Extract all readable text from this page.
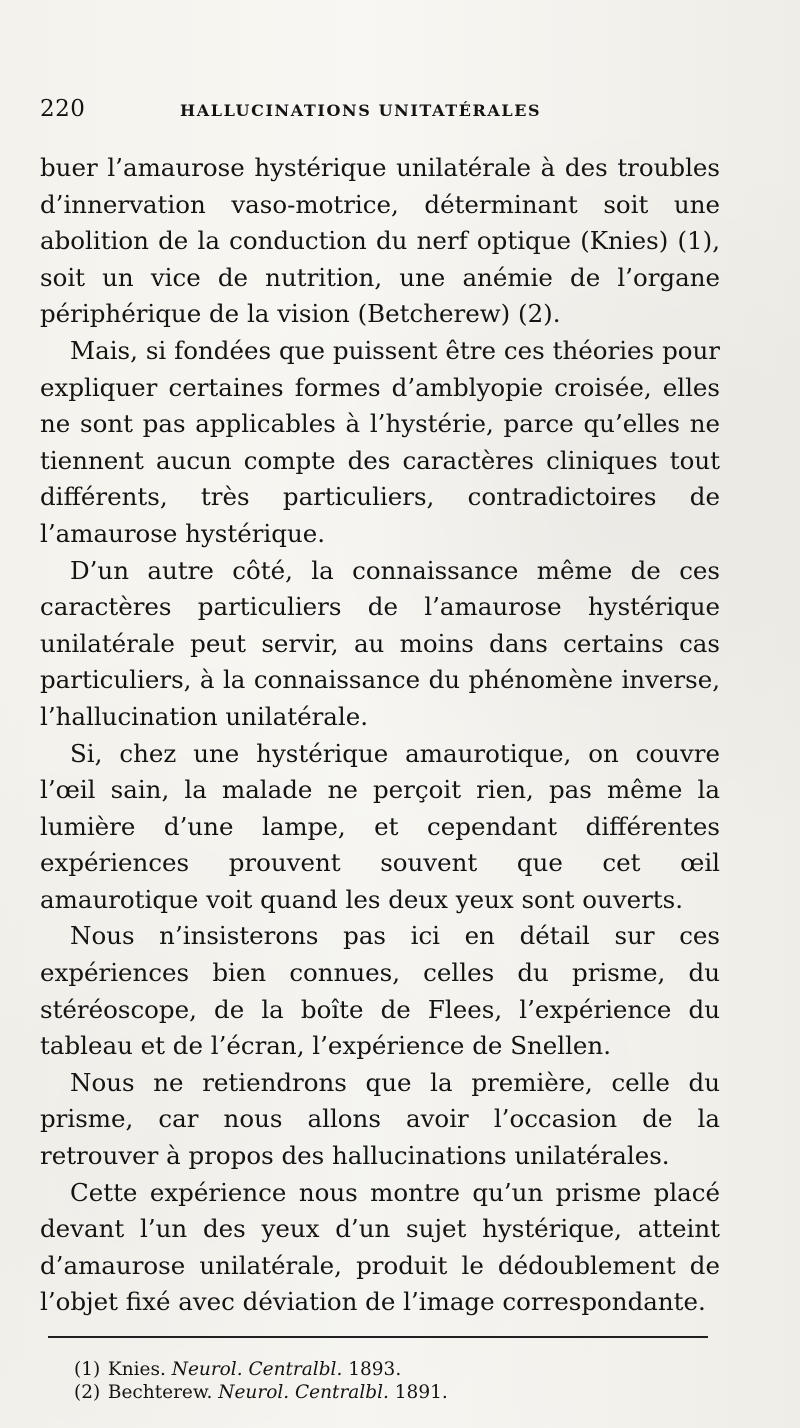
220	HALLUCINATIONS UNITATÉRALES

buer l’amaurose hystérique unilatérale à des troubles d’innervation vaso-motrice, déterminant soit une abolition de la conduction du nerf optique (Knies) (1), soit un vice de nutrition, une anémie de l’organe périphérique de la vision (Betcherew) (2).

Mais, si fondées que puissent être ces théories pour expliquer certaines formes d’amblyopie croisée, elles ne sont pas applicables à l’hystérie, parce qu’elles ne tiennent aucun compte des caractères cliniques tout différents, très particuliers, contradictoires de l’amaurose hystérique.

D’un autre côté, la connaissance même de ces caractères particuliers de l’amaurose hystérique unilatérale peut servir, au moins dans certains cas particuliers, à la connaissance du phénomène inverse, l’hallucination unilatérale.

Si, chez une hystérique amaurotique, on couvre l’œil sain, la malade ne perçoit rien, pas même la lumière d’une lampe, et cependant différentes expériences prouvent souvent que cet œil amaurotique voit quand les deux yeux sont ouverts.

Nous n’insisterons pas ici en détail sur ces expériences bien connues, celles du prisme, du stéréoscope, de la boîte de Flees, l’expérience du tableau et de l’écran, l’expérience de Snellen.

Nous ne retiendrons que la première, celle du prisme, car nous allons avoir l’occasion de la retrouver à propos des hallucinations unilatérales.

Cette expérience nous montre qu’un prisme placé devant l’un des yeux d’un sujet hystérique, atteint d’amaurose unilatérale, produit le dédoublement de l’objet fixé avec déviation de l’image correspondante.

(1) Knies. Neurol. Centralbl. 1893.
(2) Bechterew. Neurol. Centralbl. 1891.
